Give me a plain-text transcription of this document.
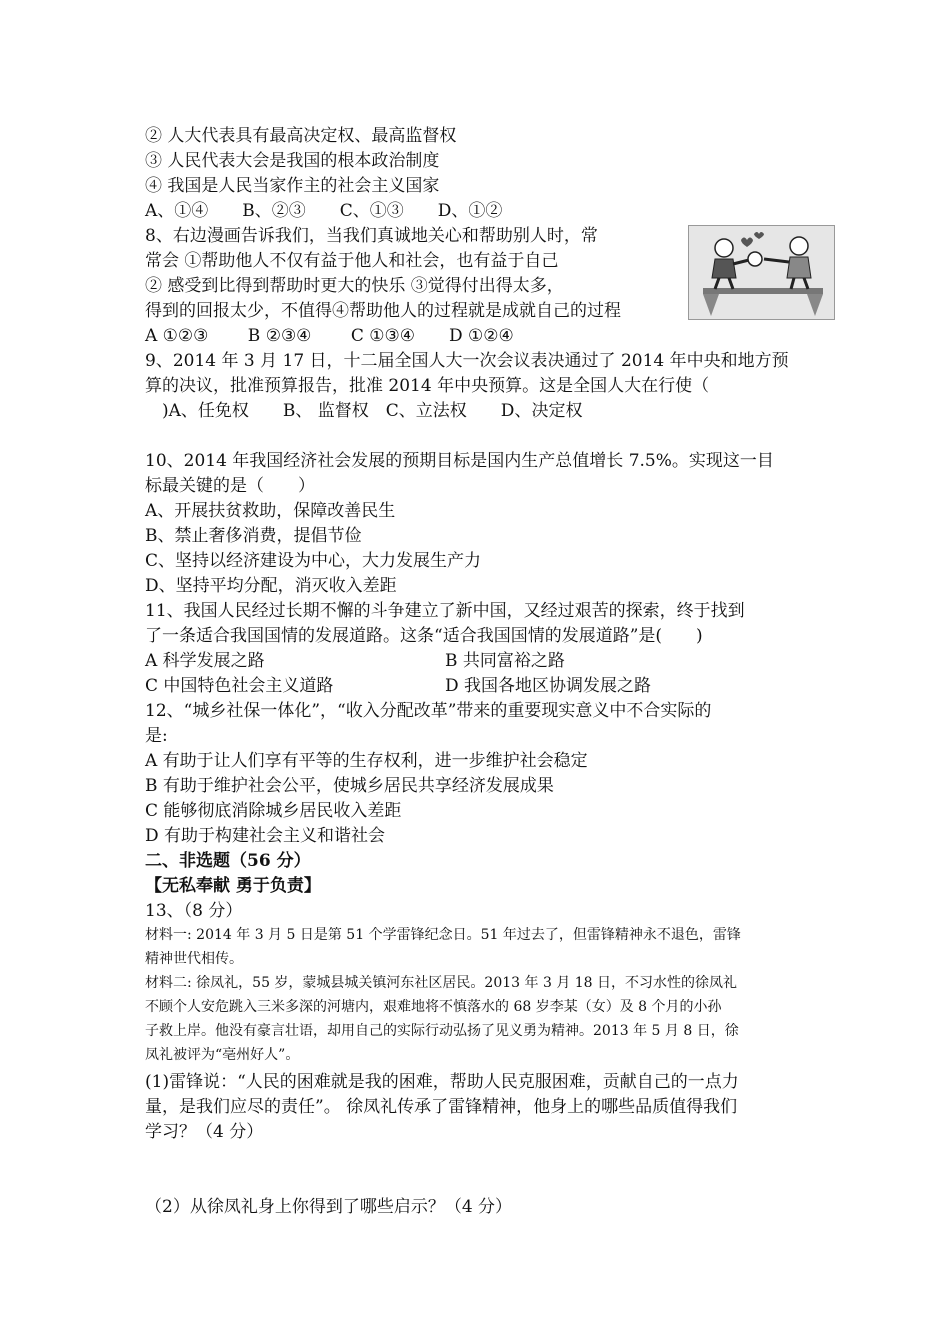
② 人大代表具有最高决定权、最高监督权
③ 人民代表大会是我国的根本政治制度
④ 我国是人民当家作主的社会主义国家
A、①④　　B、②③　　C、①③　　D、①②
8、右边漫画告诉我们，当我们真诚地关心和帮助别人时，常
常会 ①帮助他人不仅有益于他人和社会，也有益于自己
② 感受到比得到帮助时更大的快乐 ③觉得付出得太多，
得到的回报太少，不值得④帮助他人的过程就是成就自己的过程
A ①②③　　 B ②③④　　 C ①③④　　D ①②④
9、2014 年 3 月 17 日，十二届全国人大一次会议表决通过了 2014 年中央和地方预
算的决议，批准预算报告，批准 2014 年中央预算。这是全国人大在行使（
　)A、任免权　　B、 监督权　C、立法权　　D、决定权
10、2014 年我国经济社会发展的预期目标是国内生产总值增长 7.5%。实现这一目
标最关键的是（　　）
A、开展扶贫救助，保障改善民生
B、禁止奢侈消费，提倡节俭
C、坚持以经济建设为中心，大力发展生产力
D、坚持平均分配，消灭收入差距
11、我国人民经过长期不懈的斗争建立了新中国，又经过艰苦的探索，终于找到
了一条适合我国国情的发展道路。这条“适合我国国情的发展道路”是(　　)
A 科学发展之路	B 共同富裕之路
C 中国特色社会主义道路	D 我国各地区协调发展之路
12、“城乡社保一体化”，“收入分配改革”带来的重要现实意义中不合实际的
是:
A 有助于让人们享有平等的生存权利，进一步维护社会稳定
B 有助于维护社会公平，使城乡居民共享经济发展成果
C 能够彻底消除城乡居民收入差距
D 有助于构建社会主义和谐社会
二、非选题（56 分）
【无私奉献 勇于负责】
13、（8 分）
材料一: 2014 年 3 月 5 日是第 51 个学雷锋纪念日。51 年过去了，但雷锋精神永不退色，雷锋
精神世代相传。
材料二: 徐凤礼，55 岁，蒙城县城关镇河东社区居民。2013 年 3 月 18 日，不习水性的徐凤礼
不顾个人安危跳入三米多深的河塘内，艰难地将不慎落水的 68 岁李某（女）及 8 个月的小孙
子救上岸。他没有豪言壮语，却用自己的实际行动弘扬了见义勇为精神。2013 年 5 月 8 日，徐
凤礼被评为“亳州好人”。
(1)雷锋说：“人民的困难就是我的困难，帮助人民克服困难，贡献自己的一点力
量，是我们应尽的责任”。 徐凤礼传承了雷锋精神，他身上的哪些品质值得我们
学习？（4 分）
（2）从徐凤礼身上你得到了哪些启示？（4 分）
